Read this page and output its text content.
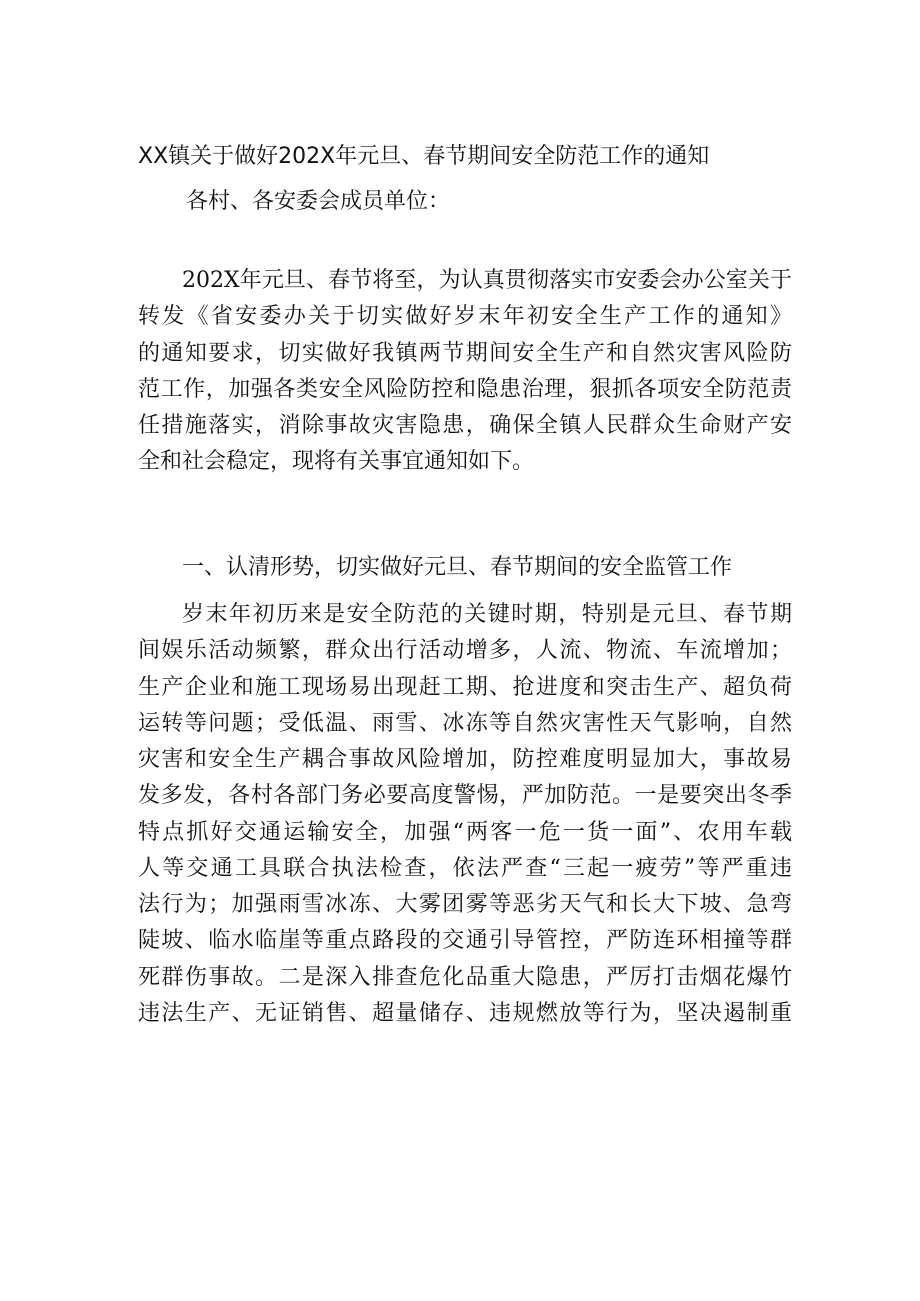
XX镇关于做好202X年元旦、春节期间安全防范工作的通知
各村、各安委会成员单位：
202X年元旦、春节将至，为认真贯彻落实市安委会办公室关于
转发《省安委办关于切实做好岁末年初安全生产工作的通知》
的通知要求，切实做好我镇两节期间安全生产和自然灾害风险防
范工作，加强各类安全风险防控和隐患治理，狠抓各项安全防范责
任措施落实，消除事故灾害隐患，确保全镇人民群众生命财产安
全和社会稳定，现将有关事宜通知如下。
一、认清形势，切实做好元旦、春节期间的安全监管工作
岁末年初历来是安全防范的关键时期，特别是元旦、春节期
间娱乐活动频繁，群众出行活动增多，人流、物流、车流增加；
生产企业和施工现场易出现赶工期、抢进度和突击生产、超负荷
运转等问题；受低温、雨雪、冰冻等自然灾害性天气影响，自然
灾害和安全生产耦合事故风险增加，防控难度明显加大，事故易
发多发，各村各部门务必要高度警惕，严加防范。一是要突出冬季
特点抓好交通运输安全，加强“两客一危一货一面”、农用车载
人等交通工具联合执法检查，依法严查“三起一疲劳”等严重违
法行为；加强雨雪冰冻、大雾团雾等恶劣天气和长大下坡、急弯
陡坡、临水临崖等重点路段的交通引导管控，严防连环相撞等群
死群伤事故。二是深入排查危化品重大隐患，严厉打击烟花爆竹
违法生产、无证销售、超量储存、违规燃放等行为，坚决遏制重
